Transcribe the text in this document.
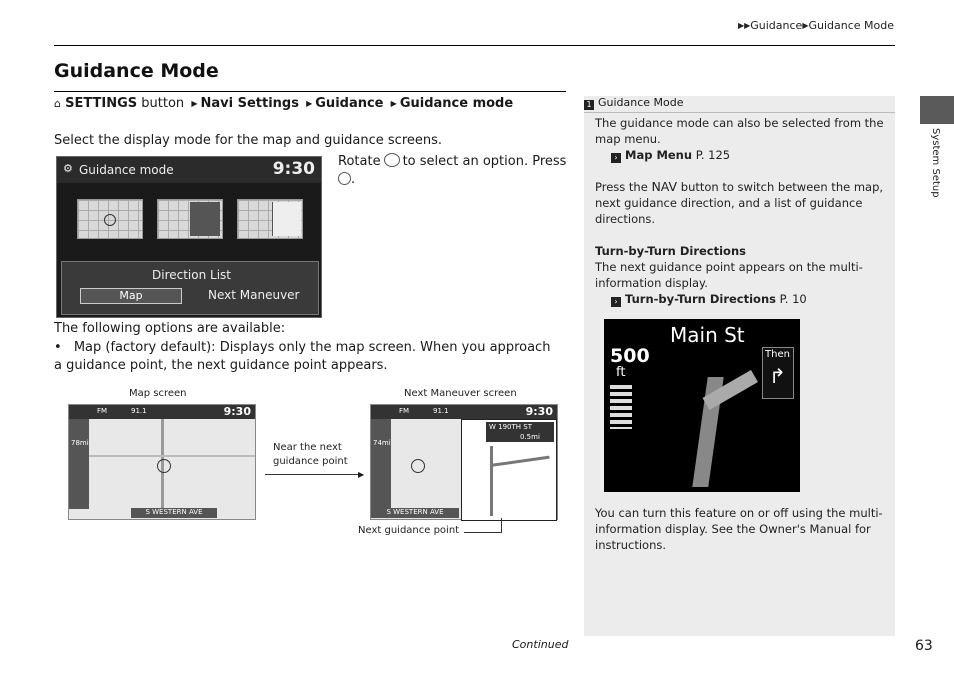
▶▶Guidance▶Guidance Mode
System Setup
Guidance Mode
⌂ SETTINGS button ▶ Navi Settings ▶ Guidance ▶ Guidance mode
Select the display mode for the map and guidance screens.
⚙ Guidance mode	9:30
Direction List
Map	Next Maneuver
Rotate to select an option. Press .
The following options are available:
• Map (factory default): Displays only the map screen. When you approach a guidance point, the next guidance point appears.
Map screen	Next Maneuver screen
FM	91.1	9:30
78mi
S WESTERN AVE
Near the next guidance point
▶
FM	91.1	9:30
74mi
W 190TH ST
0.5mi
S WESTERN AVE
Next guidance point
1 Guidance Mode
The guidance mode can also be selected from the map menu.
› Map Menu P. 125
Press the NAV button to switch between the map, next guidance direction, and a list of guidance directions.
Turn-by-Turn Directions
The next guidance point appears on the multi-information display.
› Turn-by-Turn Directions P. 10
Main St
500
ft
Then
↱
You can turn this feature on or off using the multi-information display. See the Owner's Manual for instructions.
Continued	63
